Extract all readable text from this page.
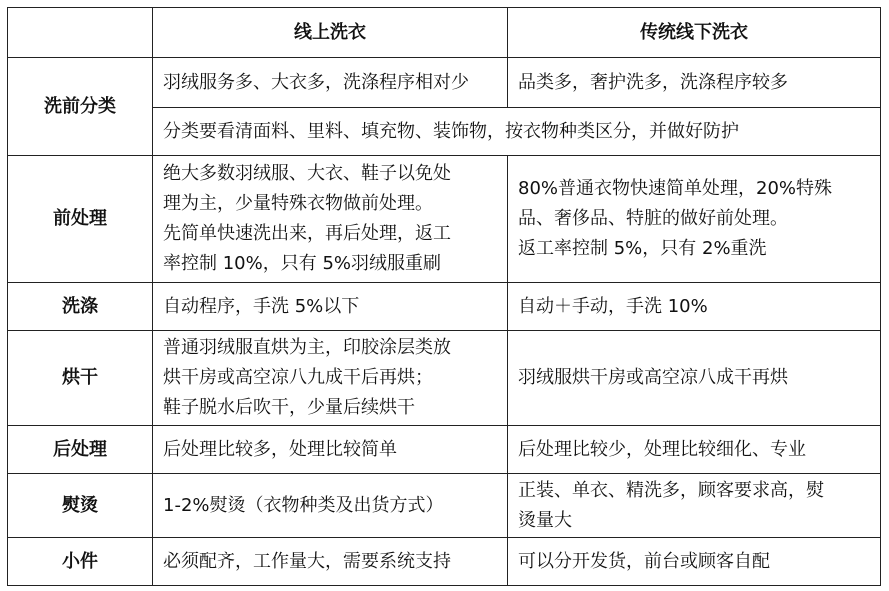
	线上洗衣	传统线下洗衣
洗前分类	羽绒服务多、大衣多，洗涤程序相对少	品类多，奢护洗多，洗涤程序较多
	分类要看清面料、里料、填充物、装饰物，按衣物种类区分，并做好防护	
前处理	绝大多数羽绒服、大衣、鞋子以免处
理为主，少量特殊衣物做前处理。
先简单快速洗出来，再后处理，返工
率控制 10%，只有 5%羽绒服重刷	80%普通衣物快速简单处理，20%特殊
品、奢侈品、特脏的做好前处理。
返工率控制 5%，只有 2%重洗

洗涤	自动程序，手洗 5%以下	自动＋手动，手洗 10%
烘干	普通羽绒服直烘为主，印胶涂层类放
烘干房或高空凉八九成干后再烘；
鞋子脱水后吹干，少量后续烘干	羽绒服烘干房或高空凉八成干再烘
后处理	后处理比较多，处理比较简单	后处理比较少，处理比较细化、专业
熨烫	1-2%熨烫（衣物种类及出货方式）	正装、单衣、精洗多，顾客要求高，熨
烫量大

小件	必须配齐，工作量大，需要系统支持	可以分开发货，前台或顾客自配
